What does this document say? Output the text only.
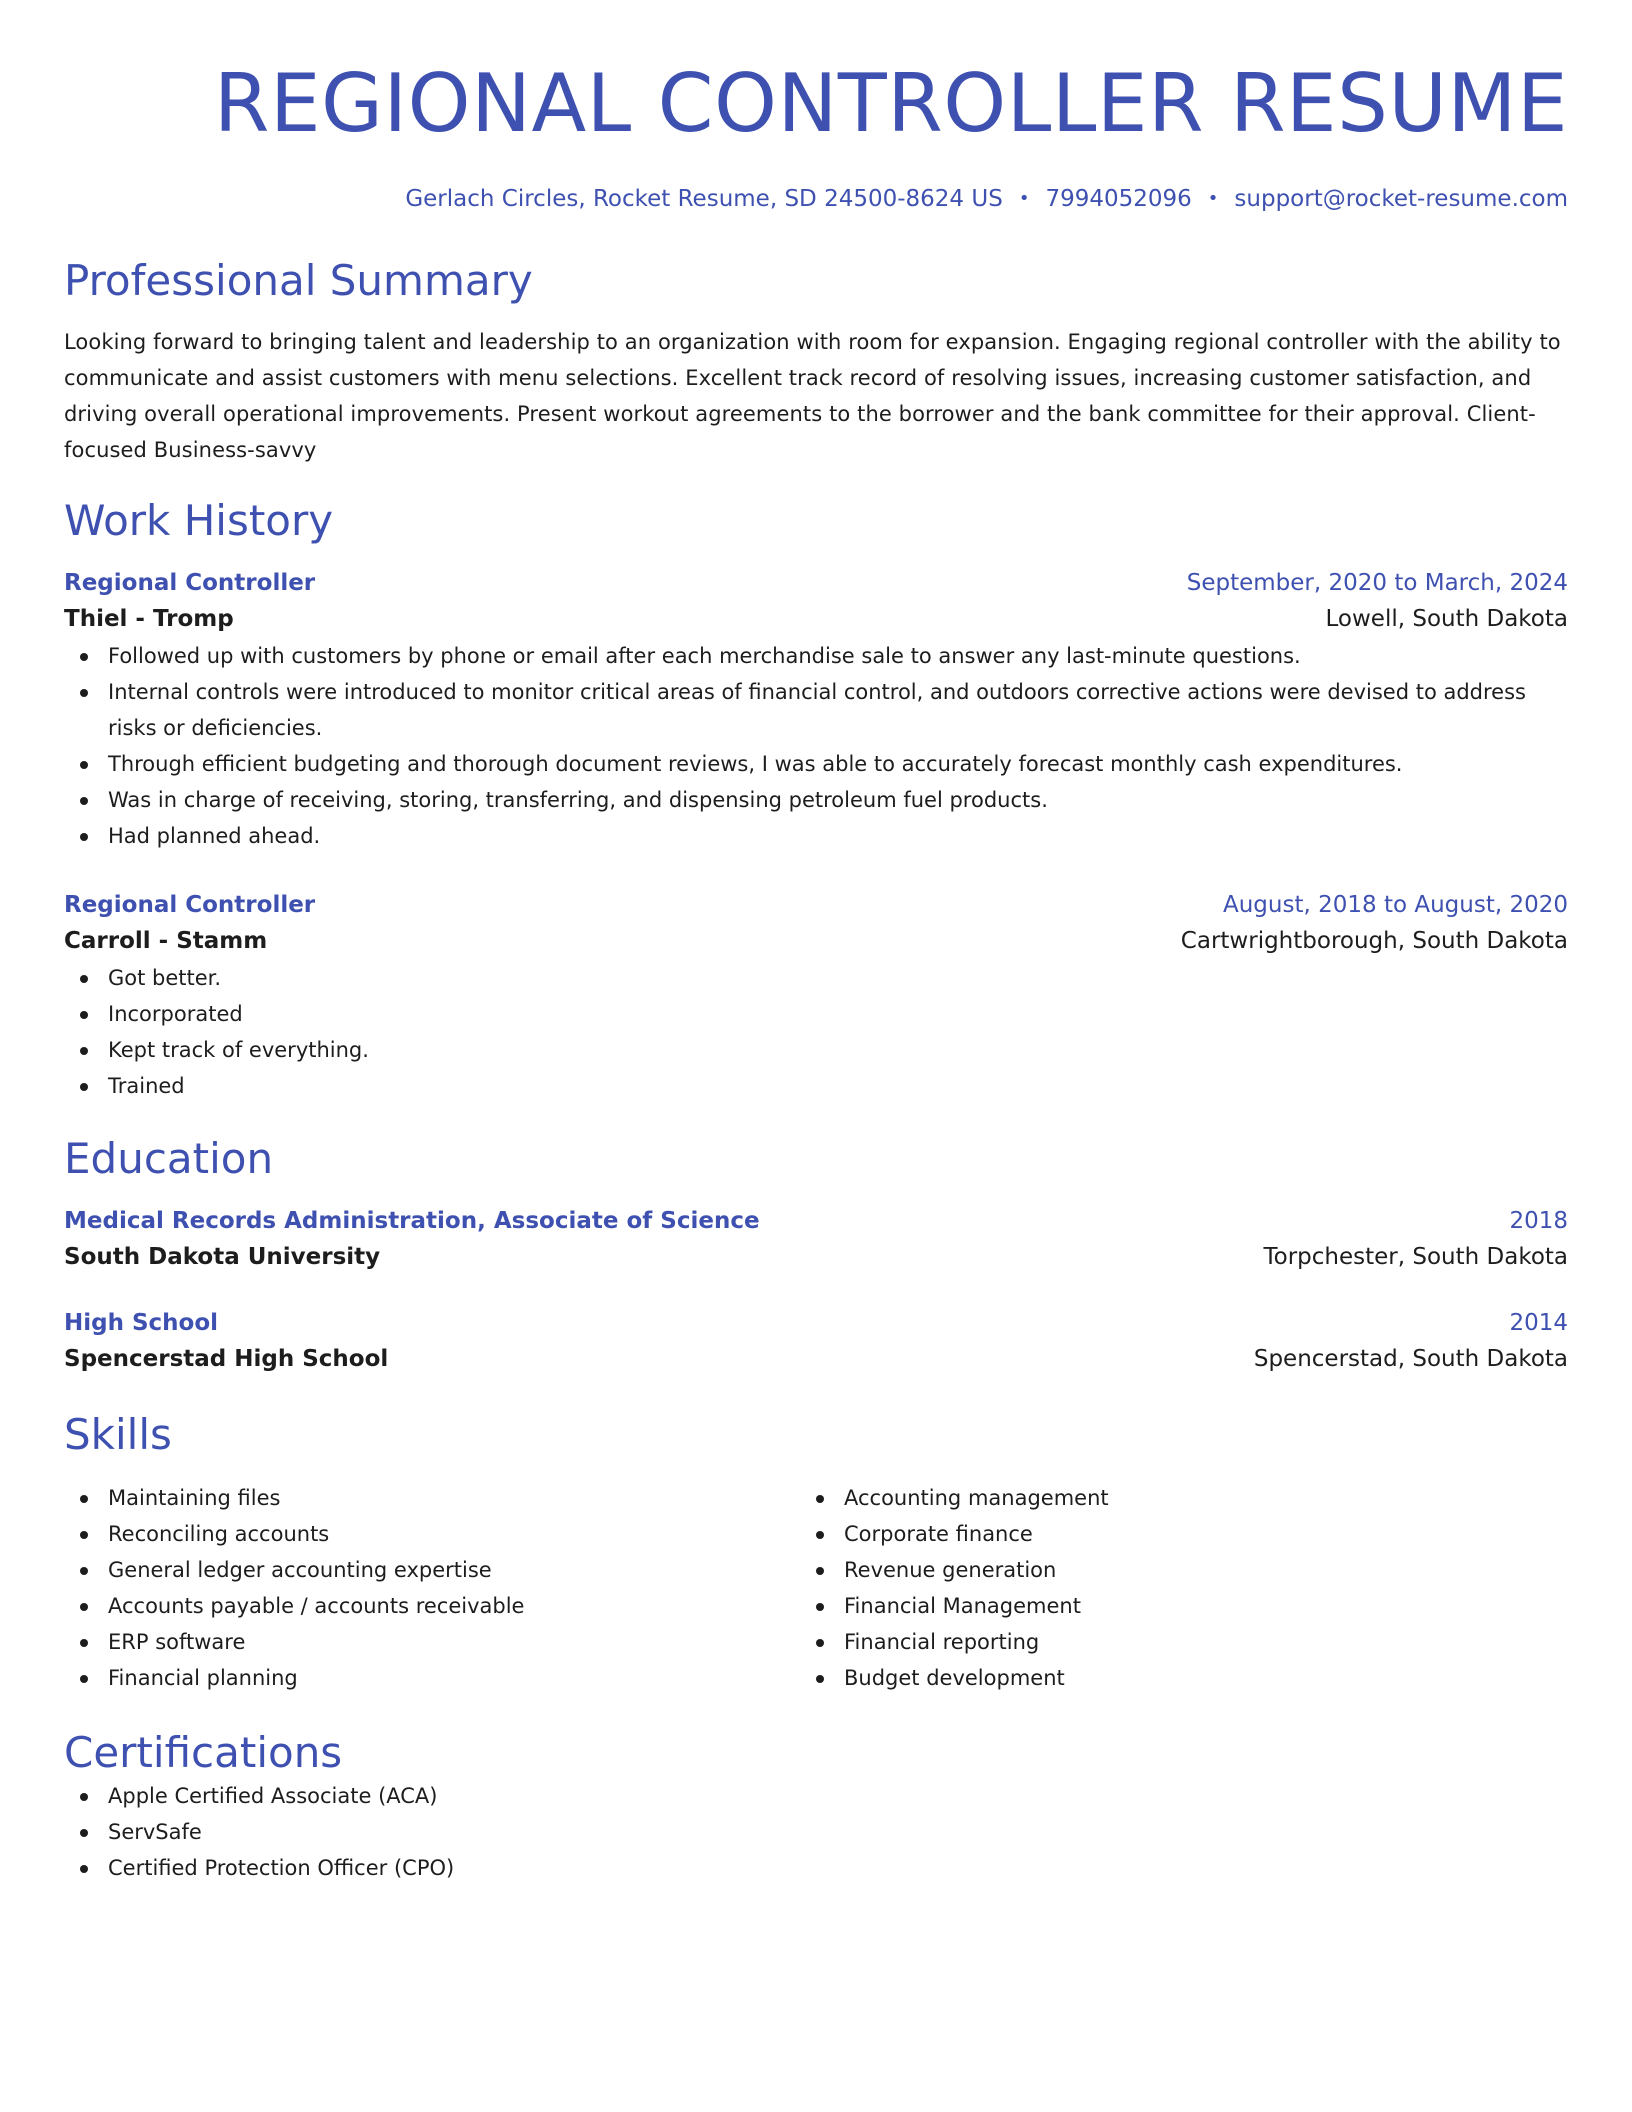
REGIONAL CONTROLLER RESUME
Gerlach Circles, Rocket Resume, SD 24500-8624 US • 7994052096 • support@rocket-resume.com
Professional Summary
Looking forward to bringing talent and leadership to an organization with room for expansion. Engaging regional controller with the ability to communicate and assist customers with menu selections. Excellent track record of resolving issues, increasing customer satisfaction, and driving overall operational improvements. Present workout agreements to the borrower and the bank committee for their approval. Client-focused Business-savvy
Work History
Regional Controller	September, 2020 to March, 2024
Thiel - Tromp	Lowell, South Dakota
Followed up with customers by phone or email after each merchandise sale to answer any last-minute questions.
Internal controls were introduced to monitor critical areas of financial control, and outdoors corrective actions were devised to address risks or deficiencies.
Through efficient budgeting and thorough document reviews, I was able to accurately forecast monthly cash expenditures.
Was in charge of receiving, storing, transferring, and dispensing petroleum fuel products.
Had planned ahead.
Regional Controller	August, 2018 to August, 2020
Carroll - Stamm	Cartwrightborough, South Dakota
Got better.
Incorporated
Kept track of everything.
Trained
Education
Medical Records Administration, Associate of Science	2018
South Dakota University	Torpchester, South Dakota
High School	2014
Spencerstad High School	Spencerstad, South Dakota
Skills
Maintaining files
Reconciling accounts
General ledger accounting expertise
Accounts payable / accounts receivable
ERP software
Financial planning
Accounting management
Corporate finance
Revenue generation
Financial Management
Financial reporting
Budget development
Certifications
Apple Certified Associate (ACA)
ServSafe
Certified Protection Officer (CPO)
